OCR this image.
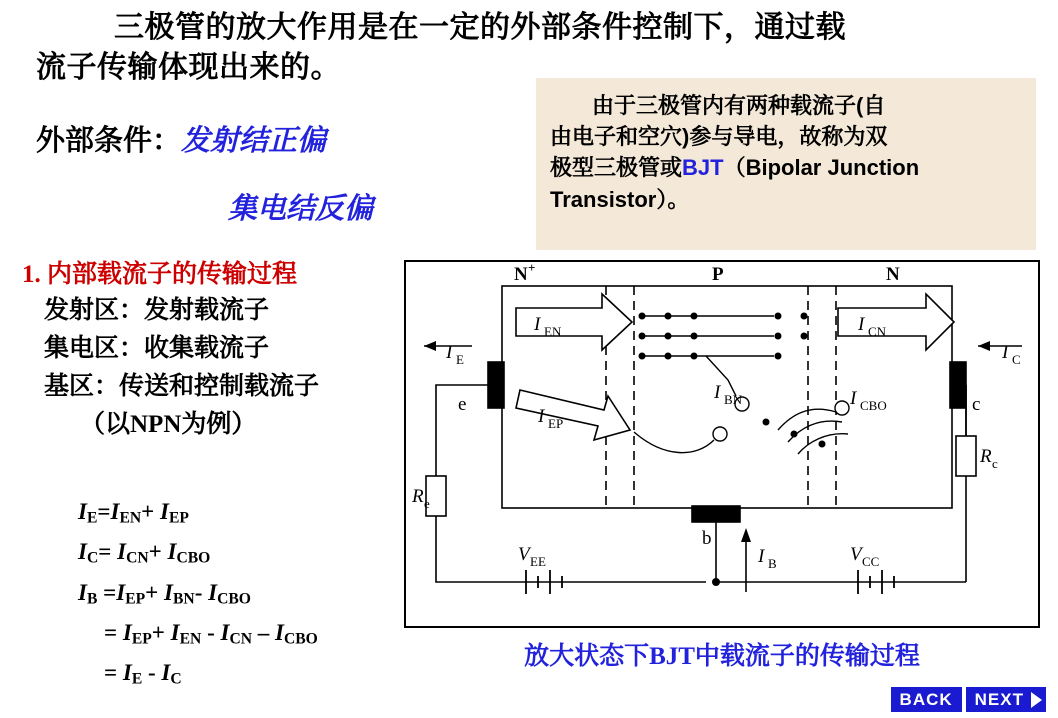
三极管的放大作用是在一定的外部条件控制下，通过载
流子传输体现出来的。
外部条件：发射结正偏
集电结反偏

由于三极管内有两种载流子(自

由电子和空穴)参与导电，故称为双

极型三极管或BJT（Bipolar Junction

Transistor）。

1. 内部载流子的传输过程
发射区：发射载流子
集电区：收集载流子
基区：传送和控制载流子
（以NPN为例）
$I_E=I_{EN}+ I_{EP}$
$I_C= I_{CN}+ I_{CBO}$
$I_B =I_{EP}+ I_{BN}-$ $I_{CBO}$
= $I_{EP}+ I_{EN} - I_{CN} - I_{CBO}$
= $I_E - I_C$
N +	P	N
e	c
b
I E	I C
I B
I EN	I CN
I EP
I BN	I CBO
R e
R c
V EE	V CC
放大状态下BJT中载流子的传输过程
BACK	NEXT
